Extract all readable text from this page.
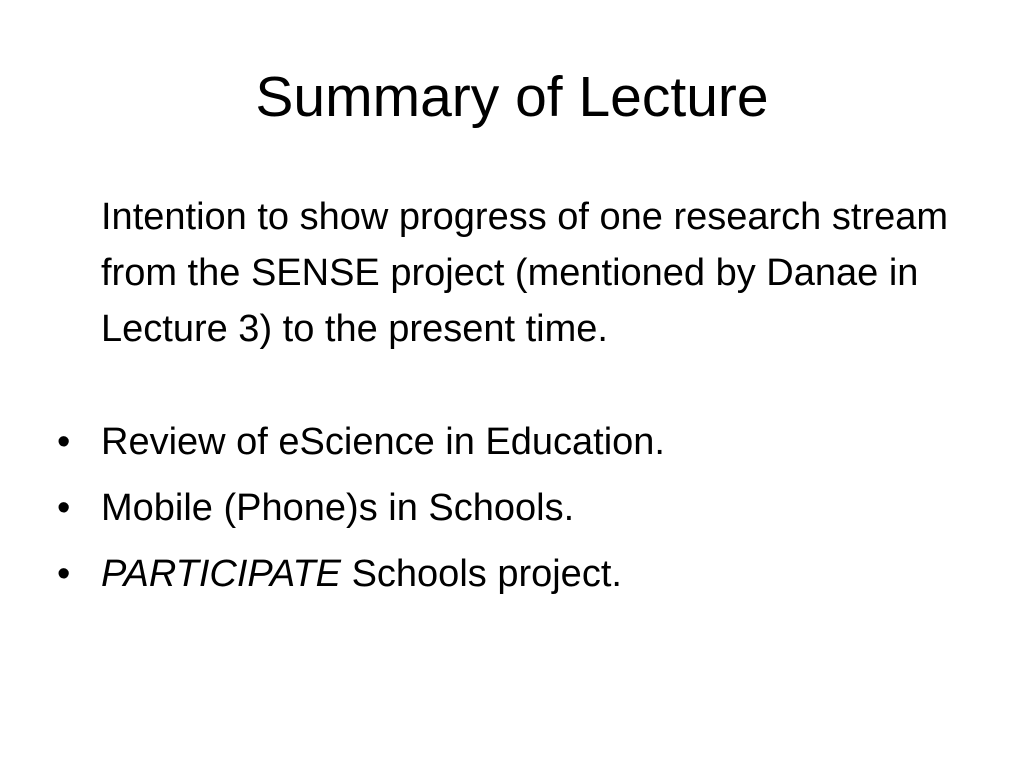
Summary of Lecture

Intention to show progress of one research stream from the SENSE project (mentioned by Danae in Lecture 3) to the present time.

• Review of eScience in Education.
• Mobile (Phone)s in Schools.
• PARTICIPATE Schools project.
